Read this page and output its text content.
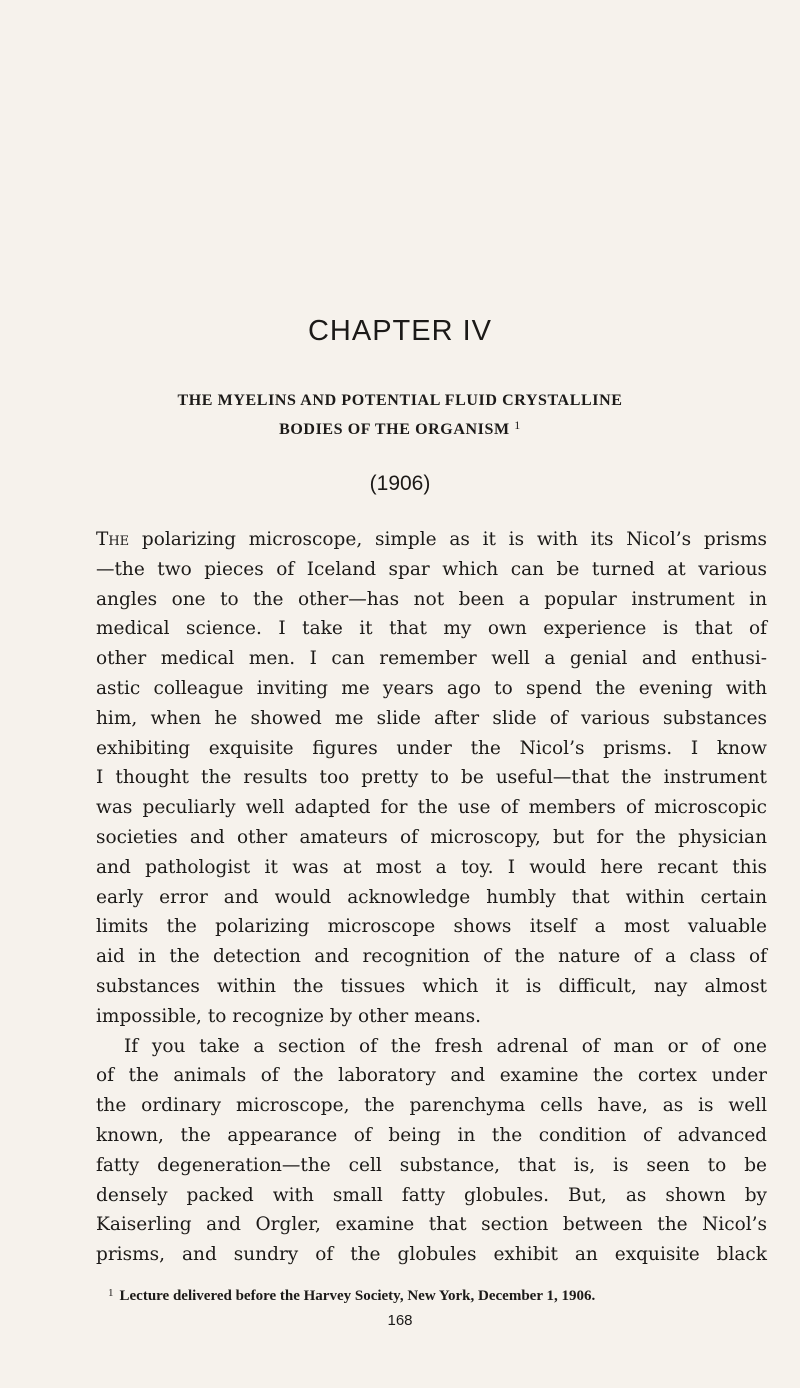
CHAPTER IV
THE MYELINS AND POTENTIAL FLUID CRYSTALLINE
BODIES OF THE ORGANISM $^1$
(1906)
The polarizing microscope, simple as it is with its Nicol’s prisms
—the two pieces of Iceland spar which can be turned at various
angles one to the other—has not been a popular instrument in
medical science. I take it that my own experience is that of
other medical men. I can remember well a genial and enthusi-
astic colleague inviting me years ago to spend the evening with
him, when he showed me slide after slide of various substances
exhibiting exquisite figures under the Nicol’s prisms. I know
I thought the results too pretty to be useful—that the instrument
was peculiarly well adapted for the use of members of microscopic
societies and other amateurs of microscopy, but for the physician
and pathologist it was at most a toy. I would here recant this
early error and would acknowledge humbly that within certain
limits the polarizing microscope shows itself a most valuable
aid in the detection and recognition of the nature of a class of
substances within the tissues which it is difficult, nay almost
impossible, to recognize by other means.
If you take a section of the fresh adrenal of man or of one
of the animals of the laboratory and examine the cortex under
the ordinary microscope, the parenchyma cells have, as is well
known, the appearance of being in the condition of advanced
fatty degeneration—the cell substance, that is, is seen to be
densely packed with small fatty globules. But, as shown by
Kaiserling and Orgler, examine that section between the Nicol’s
prisms, and sundry of the globules exhibit an exquisite black
$^1$ Lecture delivered before the Harvey Society, New York, December 1, 1906.
168
